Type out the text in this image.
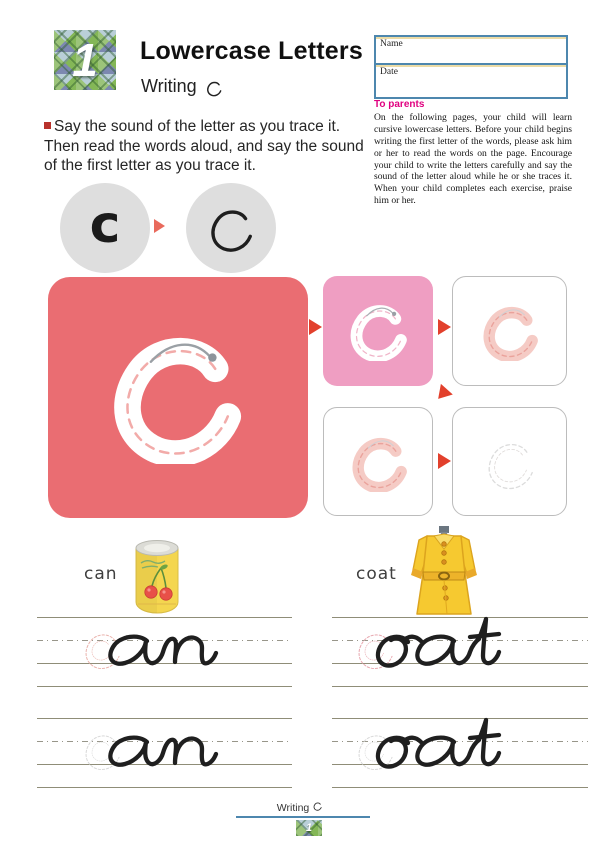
1	Lowercase Letters
Writing
Name
Date
To parents
On the following pages, your child will learn cursive lowercase letters. Before your child begins writing the first letter of the words, please ask him or her to read the words on the page. Encourage your child to write the letters carefully and say the sound of the letter aloud while he or she traces it. When your child completes each exercise, praise him or her.
Say the sound of the letter as you trace it. Then read the words aloud, and say the sound of the first letter as you trace it.
c
can	coat
Writing
1
